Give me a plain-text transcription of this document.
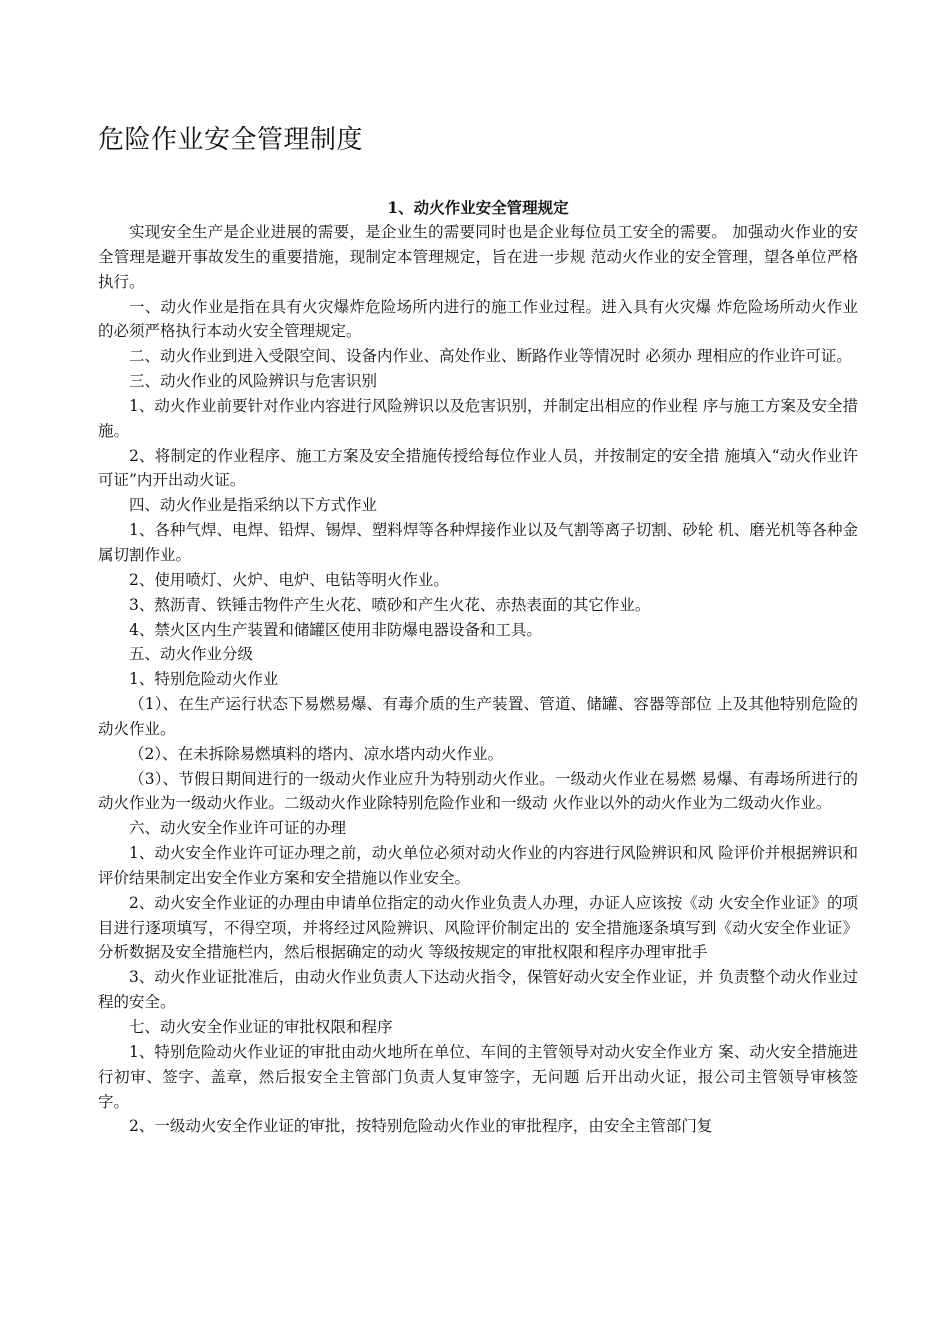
危险作业安全管理制度
1、动火作业安全管理规定

实现安全生产是企业进展的需要，是企业生的需要同时也是企业每位员工安全的需要。 加强动火作业的安全管理是避开事故发生的重要措施，现制定本管理规定，旨在进一步规 范动火作业的安全管理，望各单位严格执行。

一、动火作业是指在具有火灾爆炸危险场所内进行的施工作业过程。进入具有火灾爆 炸危险场所动火作业的必须严格执行本动火安全管理规定。

二、动火作业到进入受限空间、设备内作业、高处作业、断路作业等情况时 必须办 理相应的作业许可证。

三、动火作业的风险辨识与危害识别

1、动火作业前要针对作业内容进行风险辨识以及危害识别，并制定出相应的作业程 序与施工方案及安全措施。

2、将制定的作业程序、施工方案及安全措施传授给每位作业人员，并按制定的安全措 施填入“动火作业许可证”内开出动火证。

四、动火作业是指采纳以下方式作业

1、各种气焊、电焊、铅焊、锡焊、塑料焊等各种焊接作业以及气割等离子切割、砂轮 机、磨光机等各种金属切割作业。

2、使用喷灯、火炉、电炉、电钻等明火作业。

3、熬沥青、铁锤击物件产生火花、喷砂和产生火花、赤热表面的其它作业。

4、禁火区内生产装置和储罐区使用非防爆电器设备和工具。

五、动火作业分级

1、特别危险动火作业

（1）、在生产运行状态下易燃易爆、有毒介质的生产装置、管道、储罐、容器等部位 上及其他特别危险的动火作业。

（2）、在未拆除易燃填料的塔内、凉水塔内动火作业。

（3）、节假日期间进行的一级动火作业应升为特别动火作业。一级动火作业在易燃 易爆、有毒场所进行的动火作业为一级动火作业。二级动火作业除特别危险作业和一级动 火作业以外的动火作业为二级动火作业。

六、动火安全作业许可证的办理

1、动火安全作业许可证办理之前，动火单位必须对动火作业的内容进行风险辨识和风 险评价并根据辨识和评价结果制定出安全作业方案和安全措施以作业安全。

2、动火安全作业证的办理由申请单位指定的动火作业负责人办理，办证人应该按《动 火安全作业证》的项目进行逐项填写，不得空项，并将经过风险辨识、风险评价制定出的 安全措施逐条填写到《动火安全作业证》分析数据及安全措施栏内，然后根据确定的动火 等级按规定的审批权限和程序办理审批手

3、动火作业证批准后，由动火作业负责人下达动火指令，保管好动火安全作业证，并 负责整个动火作业过程的安全。

七、动火安全作业证的审批权限和程序

1、特别危险动火作业证的审批由动火地所在单位、车间的主管领导对动火安全作业方 案、动火安全措施进行初审、签字、盖章，然后报安全主管部门负责人复审签字，无问题 后开出动火证，报公司主管领导审核签字。

2、一级动火安全作业证的审批，按特别危险动火作业的审批程序，由安全主管部门复
